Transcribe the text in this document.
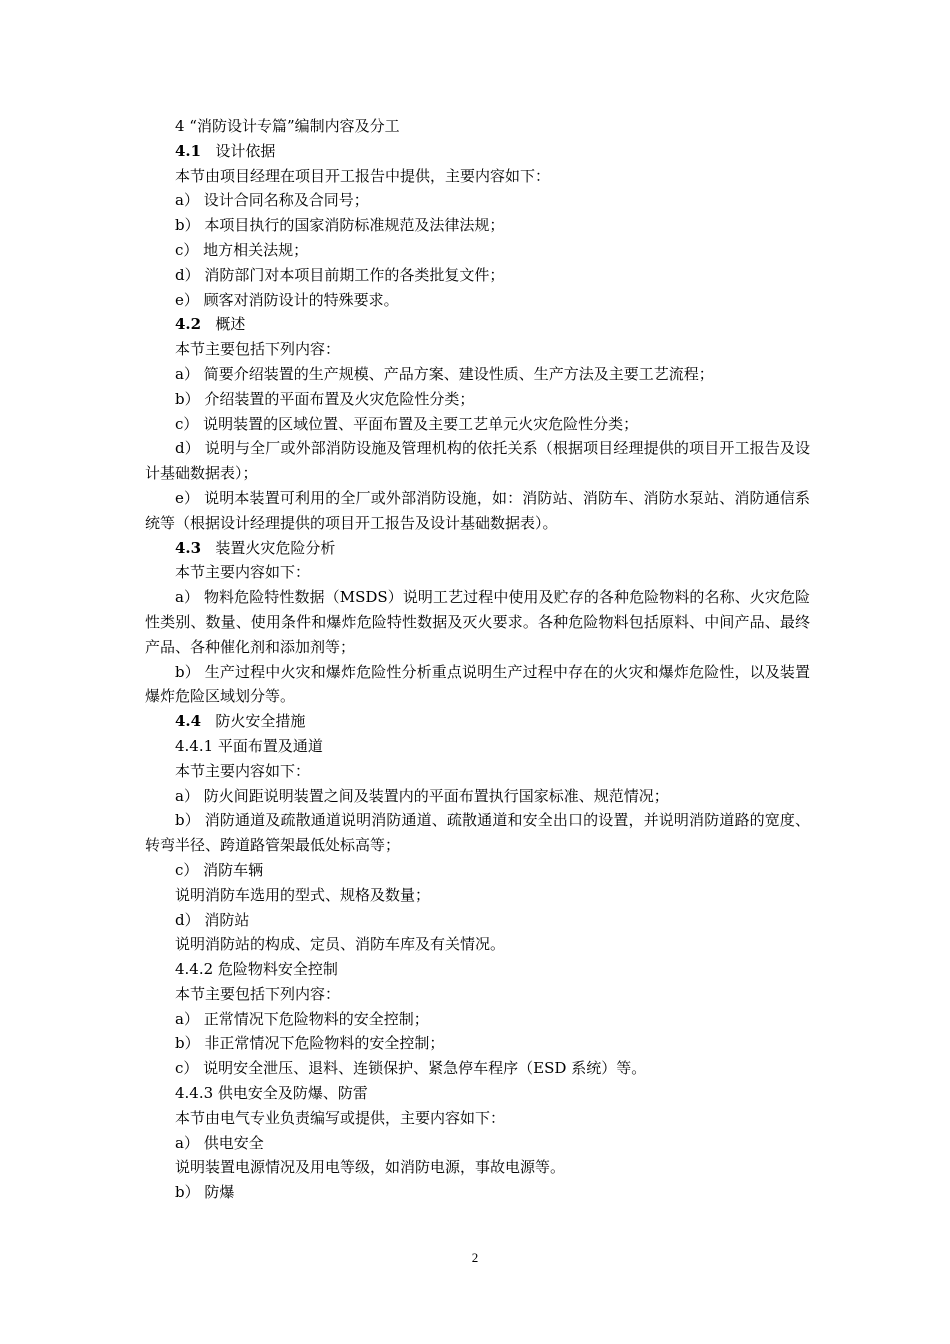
4 “消防设计专篇”编制内容及分工

4.1 设计依据

本节由项目经理在项目开工报告中提供，主要内容如下：

a） 设计合同名称及合同号；

b） 本项目执行的国家消防标准规范及法律法规；

c） 地方相关法规；

d） 消防部门对本项目前期工作的各类批复文件；

e） 顾客对消防设计的特殊要求。

4.2 概述

本节主要包括下列内容：

a） 简要介绍装置的生产规模、产品方案、建设性质、生产方法及主要工艺流程；

b） 介绍装置的平面布置及火灾危险性分类；

c） 说明装置的区域位置、平面布置及主要工艺单元火灾危险性分类；

d） 说明与全厂或外部消防设施及管理机构的依托关系（根据项目经理提供的项目开工报告及设计基础数据表）；

e） 说明本装置可利用的全厂或外部消防设施，如：消防站、消防车、消防水泵站、消防通信系统等（根据设计经理提供的项目开工报告及设计基础数据表）。

4.3 装置火灾危险分析

本节主要内容如下：

a） 物料危险特性数据（MSDS）说明工艺过程中使用及贮存的各种危险物料的名称、火灾危险性类别、数量、使用条件和爆炸危险特性数据及灭火要求。各种危险物料包括原料、中间产品、最终产品、各种催化剂和添加剂等；

b） 生产过程中火灾和爆炸危险性分析重点说明生产过程中存在的火灾和爆炸危险性，以及装置爆炸危险区域划分等。

4.4 防火安全措施

4.4.1 平面布置及通道

本节主要内容如下：

a） 防火间距说明装置之间及装置内的平面布置执行国家标准、规范情况；

b） 消防通道及疏散通道说明消防通道、疏散通道和安全出口的设置，并说明消防道路的宽度、转弯半径、跨道路管架最低处标高等；

c） 消防车辆

说明消防车选用的型式、规格及数量；

d） 消防站

说明消防站的构成、定员、消防车库及有关情况。

4.4.2 危险物料安全控制

本节主要包括下列内容：

a） 正常情况下危险物料的安全控制；

b） 非正常情况下危险物料的安全控制；

c） 说明安全泄压、退料、连锁保护、紧急停车程序（ESD 系统）等。

4.4.3 供电安全及防爆、防雷

本节由电气专业负责编写或提供，主要内容如下：

a） 供电安全

说明装置电源情况及用电等级，如消防电源，事故电源等。

b） 防爆

2
